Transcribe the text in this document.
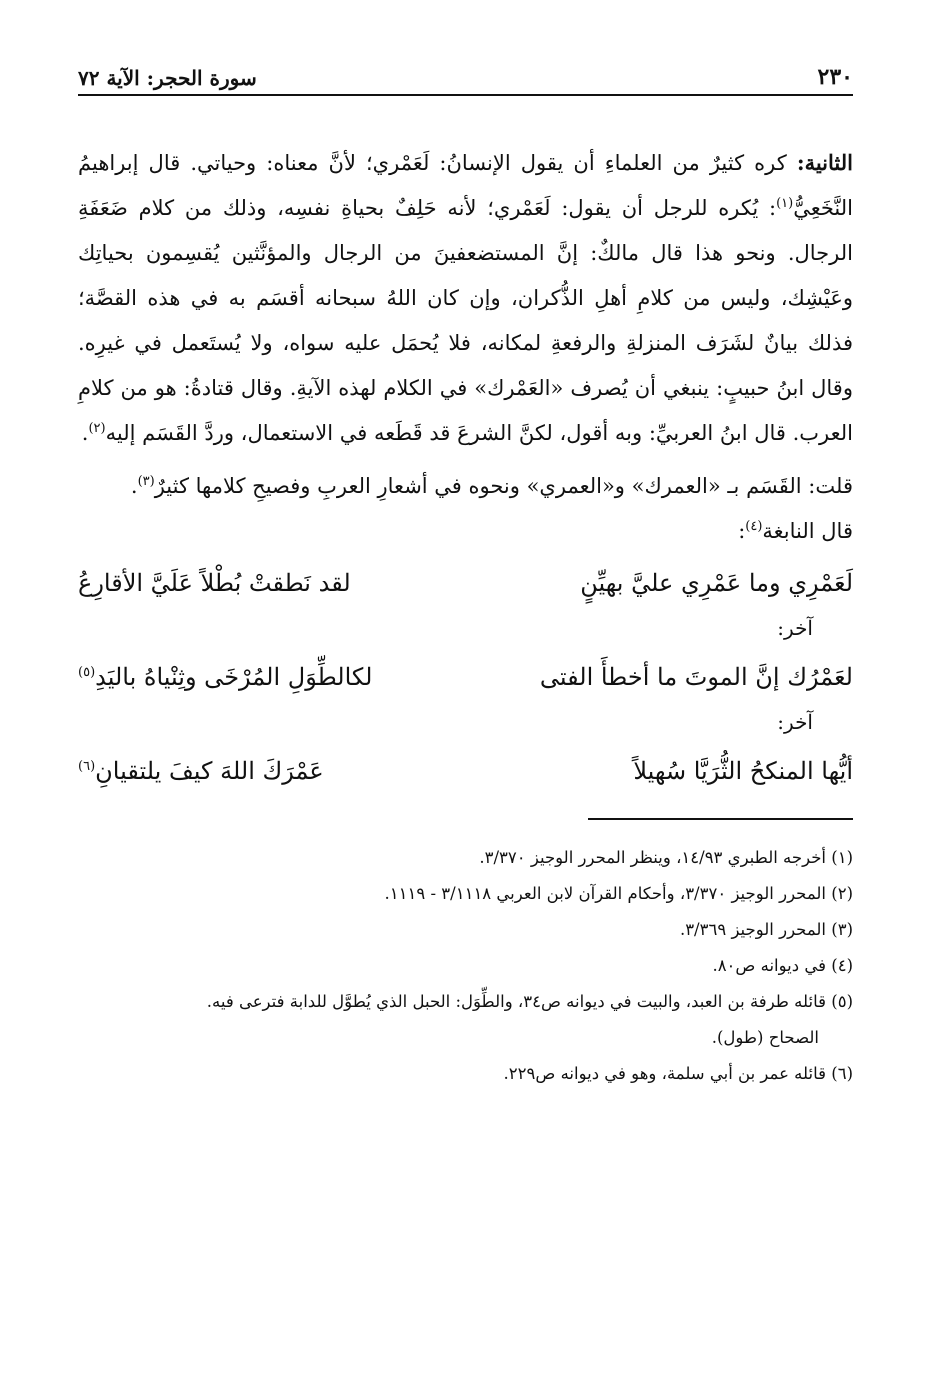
٢٣٠
سورة الحجر: الآية ٧٢

الثانية: كره كثيرٌ من العلماءِ أن يقول الإنسانُ: لَعَمْري؛ لأنَّ معناه: وحياتي. قال إبراهيمُ النَّخَعِيُّ$^{(١)}$: يُكره للرجل أن يقول: لَعَمْري؛ لأنه حَلِفٌ بحياةِ نفسِه، وذلك من كلام ضَعَفَةِ الرجال. ونحو هذا قال مالكٌ: إنَّ المستضعفينَ من الرجال والمؤنَّثين يُقسِمون بحياتِك وعَيْشِك، وليس من كلامِ أهلِ الذُّكران، وإن كان اللهُ سبحانه أقسَم به في هذه القصَّة؛ فذلك بيانٌ لشَرَف المنزلةِ والرفعةِ لمكانه، فلا يُحمَل عليه سواه، ولا يُستَعمل في غيرِه. وقال ابنُ حبيبٍ: ينبغي أن يُصرف «العَمْرك» في الكلام لهذه الآيةِ. وقال قتادةُ: هو من كلامِ العرب. قال ابنُ العربيِّ: وبه أقول، لكنَّ الشرعَ قد قَطَعه في الاستعمال، وردَّ القَسَم إليه$^{(٢)}$.

قلت: القَسَم بـ «العمرك» و«العمري» ونحوه في أشعارِ العربِ وفصيحِ كلامها كثيرٌ$^{(٣)}$.

قال النابغة$^{(٤)}$:

لَعَمْرِي وما عَمْرِي عليَّ بهيِّنٍ
لقد نَطقتْ بُطْلاً عَلَيَّ الأقارِعُ
آخر:
لعَمْرُك إنَّ الموتَ ما أخطأَ الفتى
لكالطِّوَلِ المُرْخَى وثِنْياهُ باليَدِ$^{(٥)}$
آخر:
أيُّها المنكحُ الثُّرَيَّا سُهيلاً
عَمْرَكَ اللهَ كيفَ يلتقيانِ$^{(٦)}$

(١) أخرجه الطبري ١٤/٩٣، وينظر المحرر الوجيز ٣/٣٧٠.

(٢) المحرر الوجيز ٣/٣٧٠، وأحكام القرآن لابن العربي ٣/١١١٨ - ١١١٩.

(٣) المحرر الوجيز ٣/٣٦٩.

(٤) في ديوانه ص٨٠.

(٥) قائله طرفة بن العبد، والبيت في ديوانه ص٣٤، والطِّوَل: الحبل الذي يُطوَّل للدابة فترعى فيه.
الصحاح (طول).

(٦) قائله عمر بن أبي سلمة، وهو في ديوانه ص٢٢٩.
